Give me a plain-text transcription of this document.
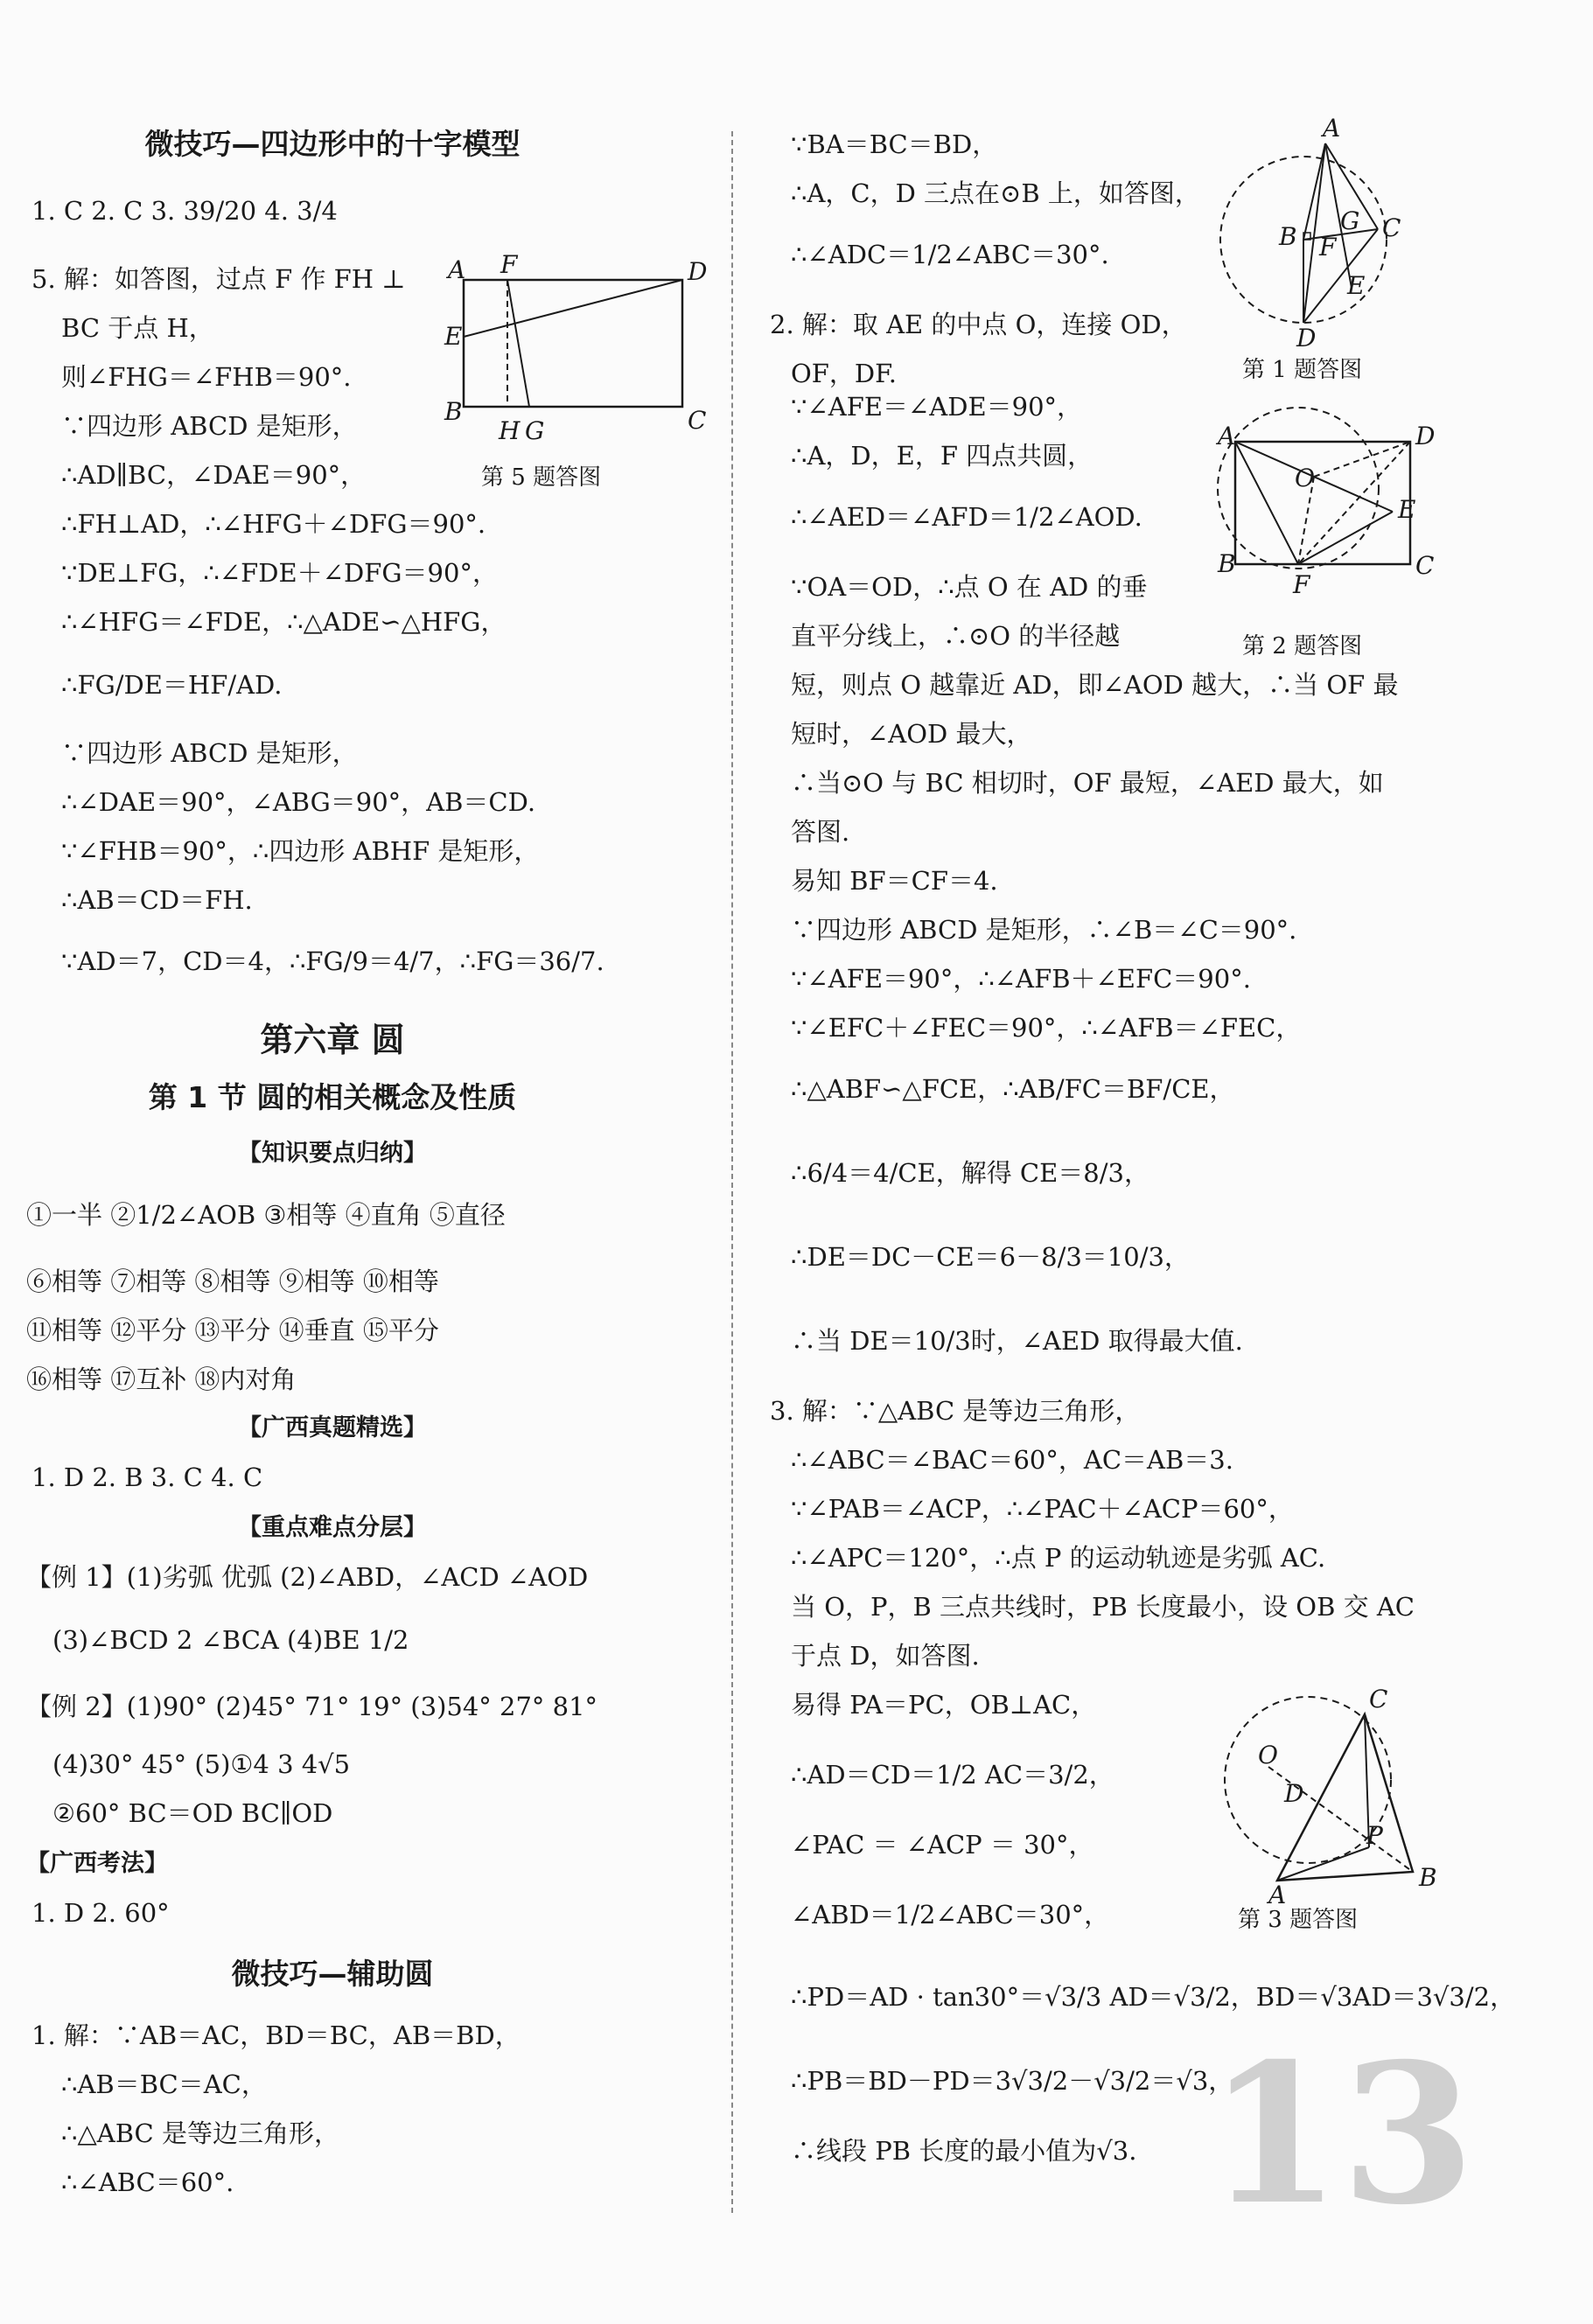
微技巧—四边形中的十字模型
1. C 2. C 3. 39/20 4. 3/4
5. 解：如答图，过点 F 作 FH ⊥
BC 于点 H，
则∠FHG＝∠FHB＝90°.
∵四边形 ABCD 是矩形，
∴AD∥BC，∠DAE＝90°，
∴FH⊥AD，∴∠HFG＋∠DFG＝90°.
∵DE⊥FG，∴∠FDE＋∠DFG＝90°，
∴∠HFG＝∠FDE，∴△ADE∽△HFG，
∴FG/DE＝HF/AD.
∵四边形 ABCD 是矩形，
∴∠DAE＝90°，∠ABG＝90°，AB＝CD.
∵∠FHB＝90°，∴四边形 ABHF 是矩形，
∴AB＝CD＝FH.
∵AD＝7，CD＝4，∴FG/9＝4/7，∴FG＝36/7.
A F	D
E
B
H G	C
第 5 题答图
第六章 圆
第 1 节 圆的相关概念及性质
【知识要点归纳】
①一半 ②1/2∠AOB ③相等 ④直角 ⑤直径
⑥相等 ⑦相等 ⑧相等 ⑨相等 ⑩相等
⑪相等 ⑫平分 ⑬平分 ⑭垂直 ⑮平分
⑯相等 ⑰互补 ⑱内对角
【广西真题精选】
1. D 2. B 3. C 4. C
【重点难点分层】
【例 1】(1)劣弧 优弧 (2)∠ABD，∠ACD ∠AOD
(3)∠BCD 2 ∠BCA (4)BE 1/2
【例 2】(1)90° (2)45° 71° 19° (3)54° 27° 81°
(4)30° 45° (5)①4 3 4√5
②60° BC＝OD BC∥OD
【广西考法】
1. D 2. 60°
微技巧—辅助圆
1. 解：∵AB＝AC，BD＝BC，AB＝BD，
∴AB＝BC＝AC，
∴△ABC 是等边三角形，
∴∠ABC＝60°.
∵BA＝BC＝BD，
∴A，C，D 三点在⊙B 上，如答图，
∴∠ADC＝1/2∠ABC＝30°.
A
B	C
G
F
E
D
第 1 题答图
2. 解：取 AE 的中点 O，连接 OD，
OF，DF.
∵∠AFE＝∠ADE＝90°，
∴A，D，E，F 四点共圆，
∴∠AED＝∠AFD＝1/2∠AOD.
∵OA＝OD，∴点 O 在 AD 的垂
直平分线上，∴⊙O 的半径越
A	D
O
E
B	C
F
第 2 题答图
短，则点 O 越靠近 AD，即∠AOD 越大，∴当 OF 最
短时，∠AOD 最大，
∴当⊙O 与 BC 相切时，OF 最短，∠AED 最大，如
答图.
易知 BF＝CF＝4.
∵四边形 ABCD 是矩形，∴∠B＝∠C＝90°.
∵∠AFE＝90°，∴∠AFB＋∠EFC＝90°.
∵∠EFC＋∠FEC＝90°，∴∠AFB＝∠FEC，
∴△ABF∽△FCE，∴AB/FC＝BF/CE，
∴6/4＝4/CE，解得 CE＝8/3，
∴DE＝DC－CE＝6－8/3＝10/3，
∴当 DE＝10/3时，∠AED 取得最大值.
3. 解：∵△ABC 是等边三角形，
∴∠ABC＝∠BAC＝60°，AC＝AB＝3.
∵∠PAB＝∠ACP，∴∠PAC＋∠ACP＝60°，
∴∠APC＝120°，∴点 P 的运动轨迹是劣弧 AC.
当 O，P，B 三点共线时，PB 长度最小，设 OB 交 AC
于点 D，如答图.
易得 PA＝PC，OB⊥AC，
∴AD＝CD＝1/2 AC＝3/2，
∠PAC ＝ ∠ACP ＝ 30°，
∠ABD＝1/2∠ABC＝30°，
C
O
D
P
A
B
第 3 题答图
∴PD＝AD · tan30°＝√3/3 AD＝√3/2，BD＝√3AD＝3√3/2，
∴PB＝BD－PD＝3√3/2－√3/2＝√3，
∴线段 PB 长度的最小值为√3. 13
